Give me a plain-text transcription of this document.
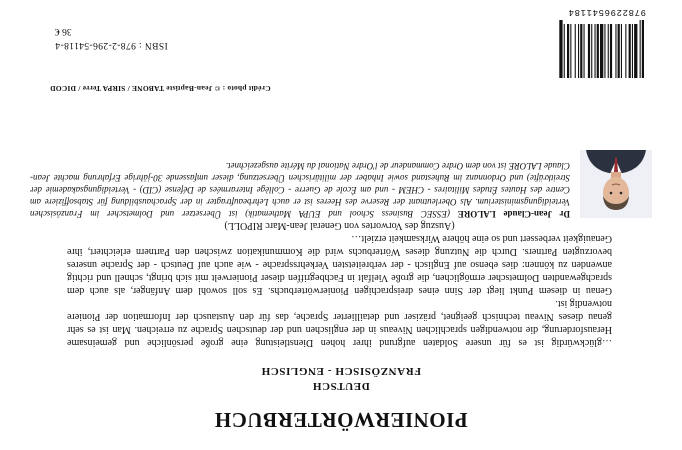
PIONIERWÖRTERBUCH
DEUTSCH
FRANZÖSISCH - ENGLISCH

…glückwürdig ist es für unsere Soldaten aufgrund ihrer hohen Dienstleistung eine große persönliche und gemeinsame Herausforderung, die notwendigen sprachlichen Niveaus in der englischen und der deutschen Sprache zu erreichen. Man ist es sehr genau dieses Niveau technisch geeignet, präziser und detaillierter Sprache, das für den Austausch der Information der Pioniere notwendig ist.

Genau in diesem Punkt liegt der Sinn eines dreisprachigen Pionierwörterbuchs. Es soll sowohl dem Anfänger, als auch dem sprachgewandten Dolmetscher ermöglichen, die große Vielfalt in Fachbegriffen dieser Pionierwelt mit sich bringt, schnell und richtig anwenden zu können: dies ebenso auf Englisch - der verbreitetsten Verkehrssprache - wie auch auf Deutsch - der Sprache unseres bevorzugten Partners. Durch die Nutzung dieses Wörterbuchs wird die Kommunikation zwischen den Partnern erleichtert, ihre Genauigkeit verbessert und so eine höhere Wirksamkeit erzielt…

(Auszug des Vorwortes von General Jean-Marc RIPOLL)

Dr Jean-Claude LALORE (ESSEC Business School und EUPA Mathematik) ist Übersetzer und Dolmetscher im Französischen Verteidigungsministerium. Als Oberleutnant der Reserve des Heeres ist er auch Lehrbeauftragter in der Sprachausbildung für Stabsoffiziere am Centre des Hautes Études Militaires - CHEM - und am École de Guerre - Collège Interarmées de Défense (CID) - Verteidigungsakademie der Streitkräfte) und Ordonnanz im Ruhestand sowie Inhaber der militärischen Übersetzung, dieser umfassende 30-jährige Erfahrung machte Jean-Claude LALORE ist von dem Ordre Commandeur de l'Ordre National du Mérite ausgezeichnet.
Crédit photo : © Jean-Baptiste TABONE / SIRPA Terre / DICOD
9782296541184
ISBN : 978-2-296-54118-4
36 €
